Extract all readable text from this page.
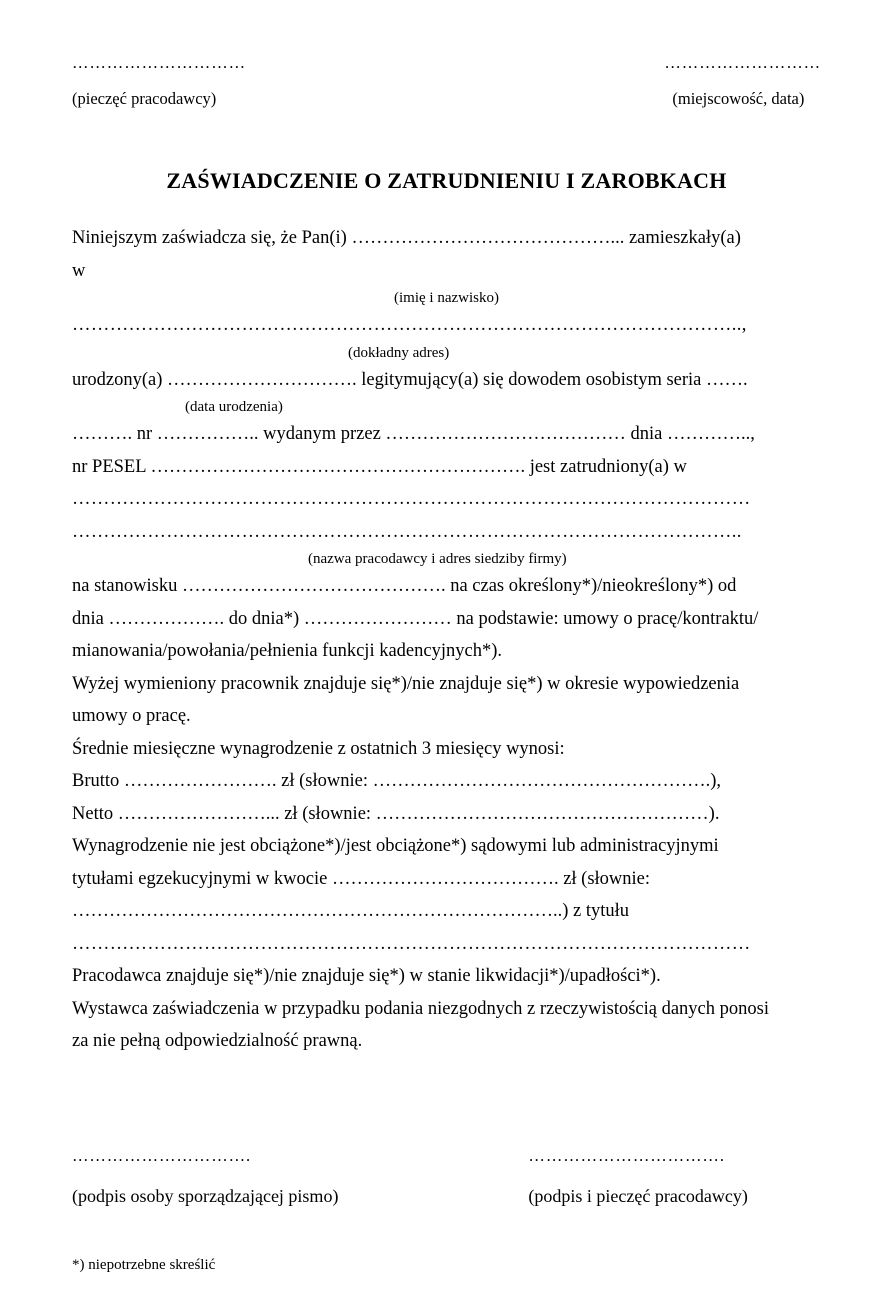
…………………………
(pieczęć pracodawcy)
………………………
(miejscowość, data)
ZAŚWIADCZENIE O ZATRUDNIENIU I ZAROBKACH
Niniejszym zaświadcza się, że Pan(i) ……………………………………... zamieszkały(a)
w
(imię i nazwisko)
……………………………………………………………………………………………..,
(dokładny adres)
urodzony(a) …………………………. legitymujący(a) się dowodem osobistym seria …….
(data urodzenia)
………. nr …………….. wydanym przez ………………………………… dnia …………..,
nr PESEL ……………………………………………………. jest zatrudniony(a) w
………………………………………………………………………………………………
……………………………………………………………………………………………..
(nazwa pracodawcy i adres siedziby firmy)
na stanowisku ……………………………………. na czas określony*)/nieokreślony*) od
dnia ………………. do dnia*) …………………… na podstawie: umowy o pracę/kontraktu/
mianowania/powołania/pełnienia funkcji kadencyjnych*).
Wyżej wymieniony pracownik znajduje się*)/nie znajduje się*) w okresie wypowiedzenia
umowy o pracę.
Średnie miesięczne wynagrodzenie z ostatnich 3 miesięcy wynosi:
Brutto ……………………. zł (słownie: ……………………………………………….),
Netto ……………………... zł (słownie: ………………………………………………).
Wynagrodzenie nie jest obciążone*)/jest obciążone*) sądowymi lub administracyjnymi
tytułami egzekucyjnymi w kwocie ………………………………. zł (słownie:
……………………………………………………………………..) z tytułu
………………………………………………………………………………………………
Pracodawca znajduje się*)/nie znajduje się*) w stanie likwidacji*)/upadłości*).
Wystawca zaświadczenia w przypadku podania niezgodnych z rzeczywistością danych ponosi
za nie pełną odpowiedzialność prawną.
………………………….
(podpis osoby sporządzającej pismo)
…………………………….
(podpis i pieczęć pracodawcy)
*) niepotrzebne skreślić
